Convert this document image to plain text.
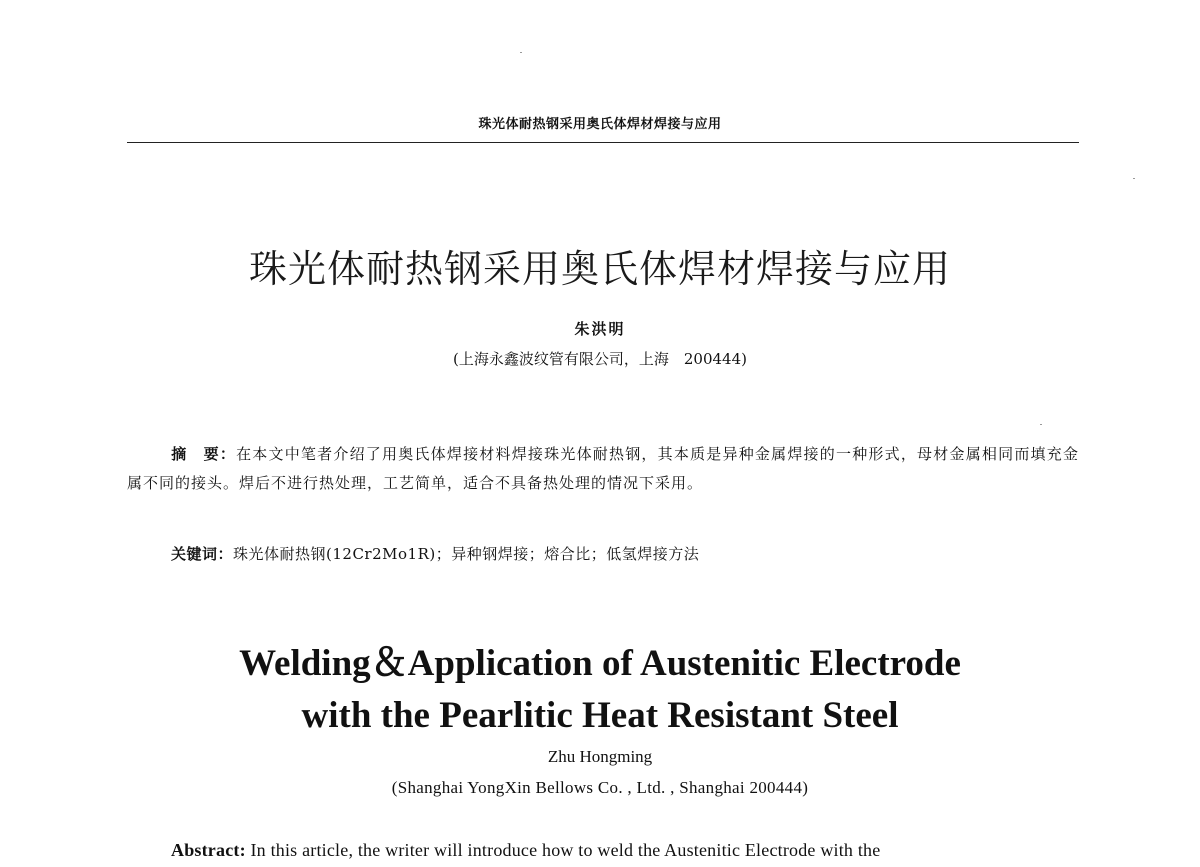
珠光体耐热钢采用奥氏体焊材焊接与应用
珠光体耐热钢采用奥氏体焊材焊接与应用
朱洪明
(上海永鑫波纹管有限公司，上海　200444)
摘　要：在本文中笔者介绍了用奥氏体焊接材料焊接珠光体耐热钢，其本质是异种金属焊接的一种形式，母材金属相同而填充金属不同的接头。焊后不进行热处理，工艺简单，适合不具备热处理的情况下采用。
关键词：珠光体耐热钢(12Cr2Mo1R)；异种钢焊接；熔合比；低氢焊接方法
Welding＆Application of Austenitic Electrode
with the Pearlitic Heat Resistant Steel
Zhu Hongming
(Shanghai YongXin Bellows Co. , Ltd. , Shanghai 200444)
Abstract: In this article, the writer will introduce how to weld the Austenitic Electrode with the
